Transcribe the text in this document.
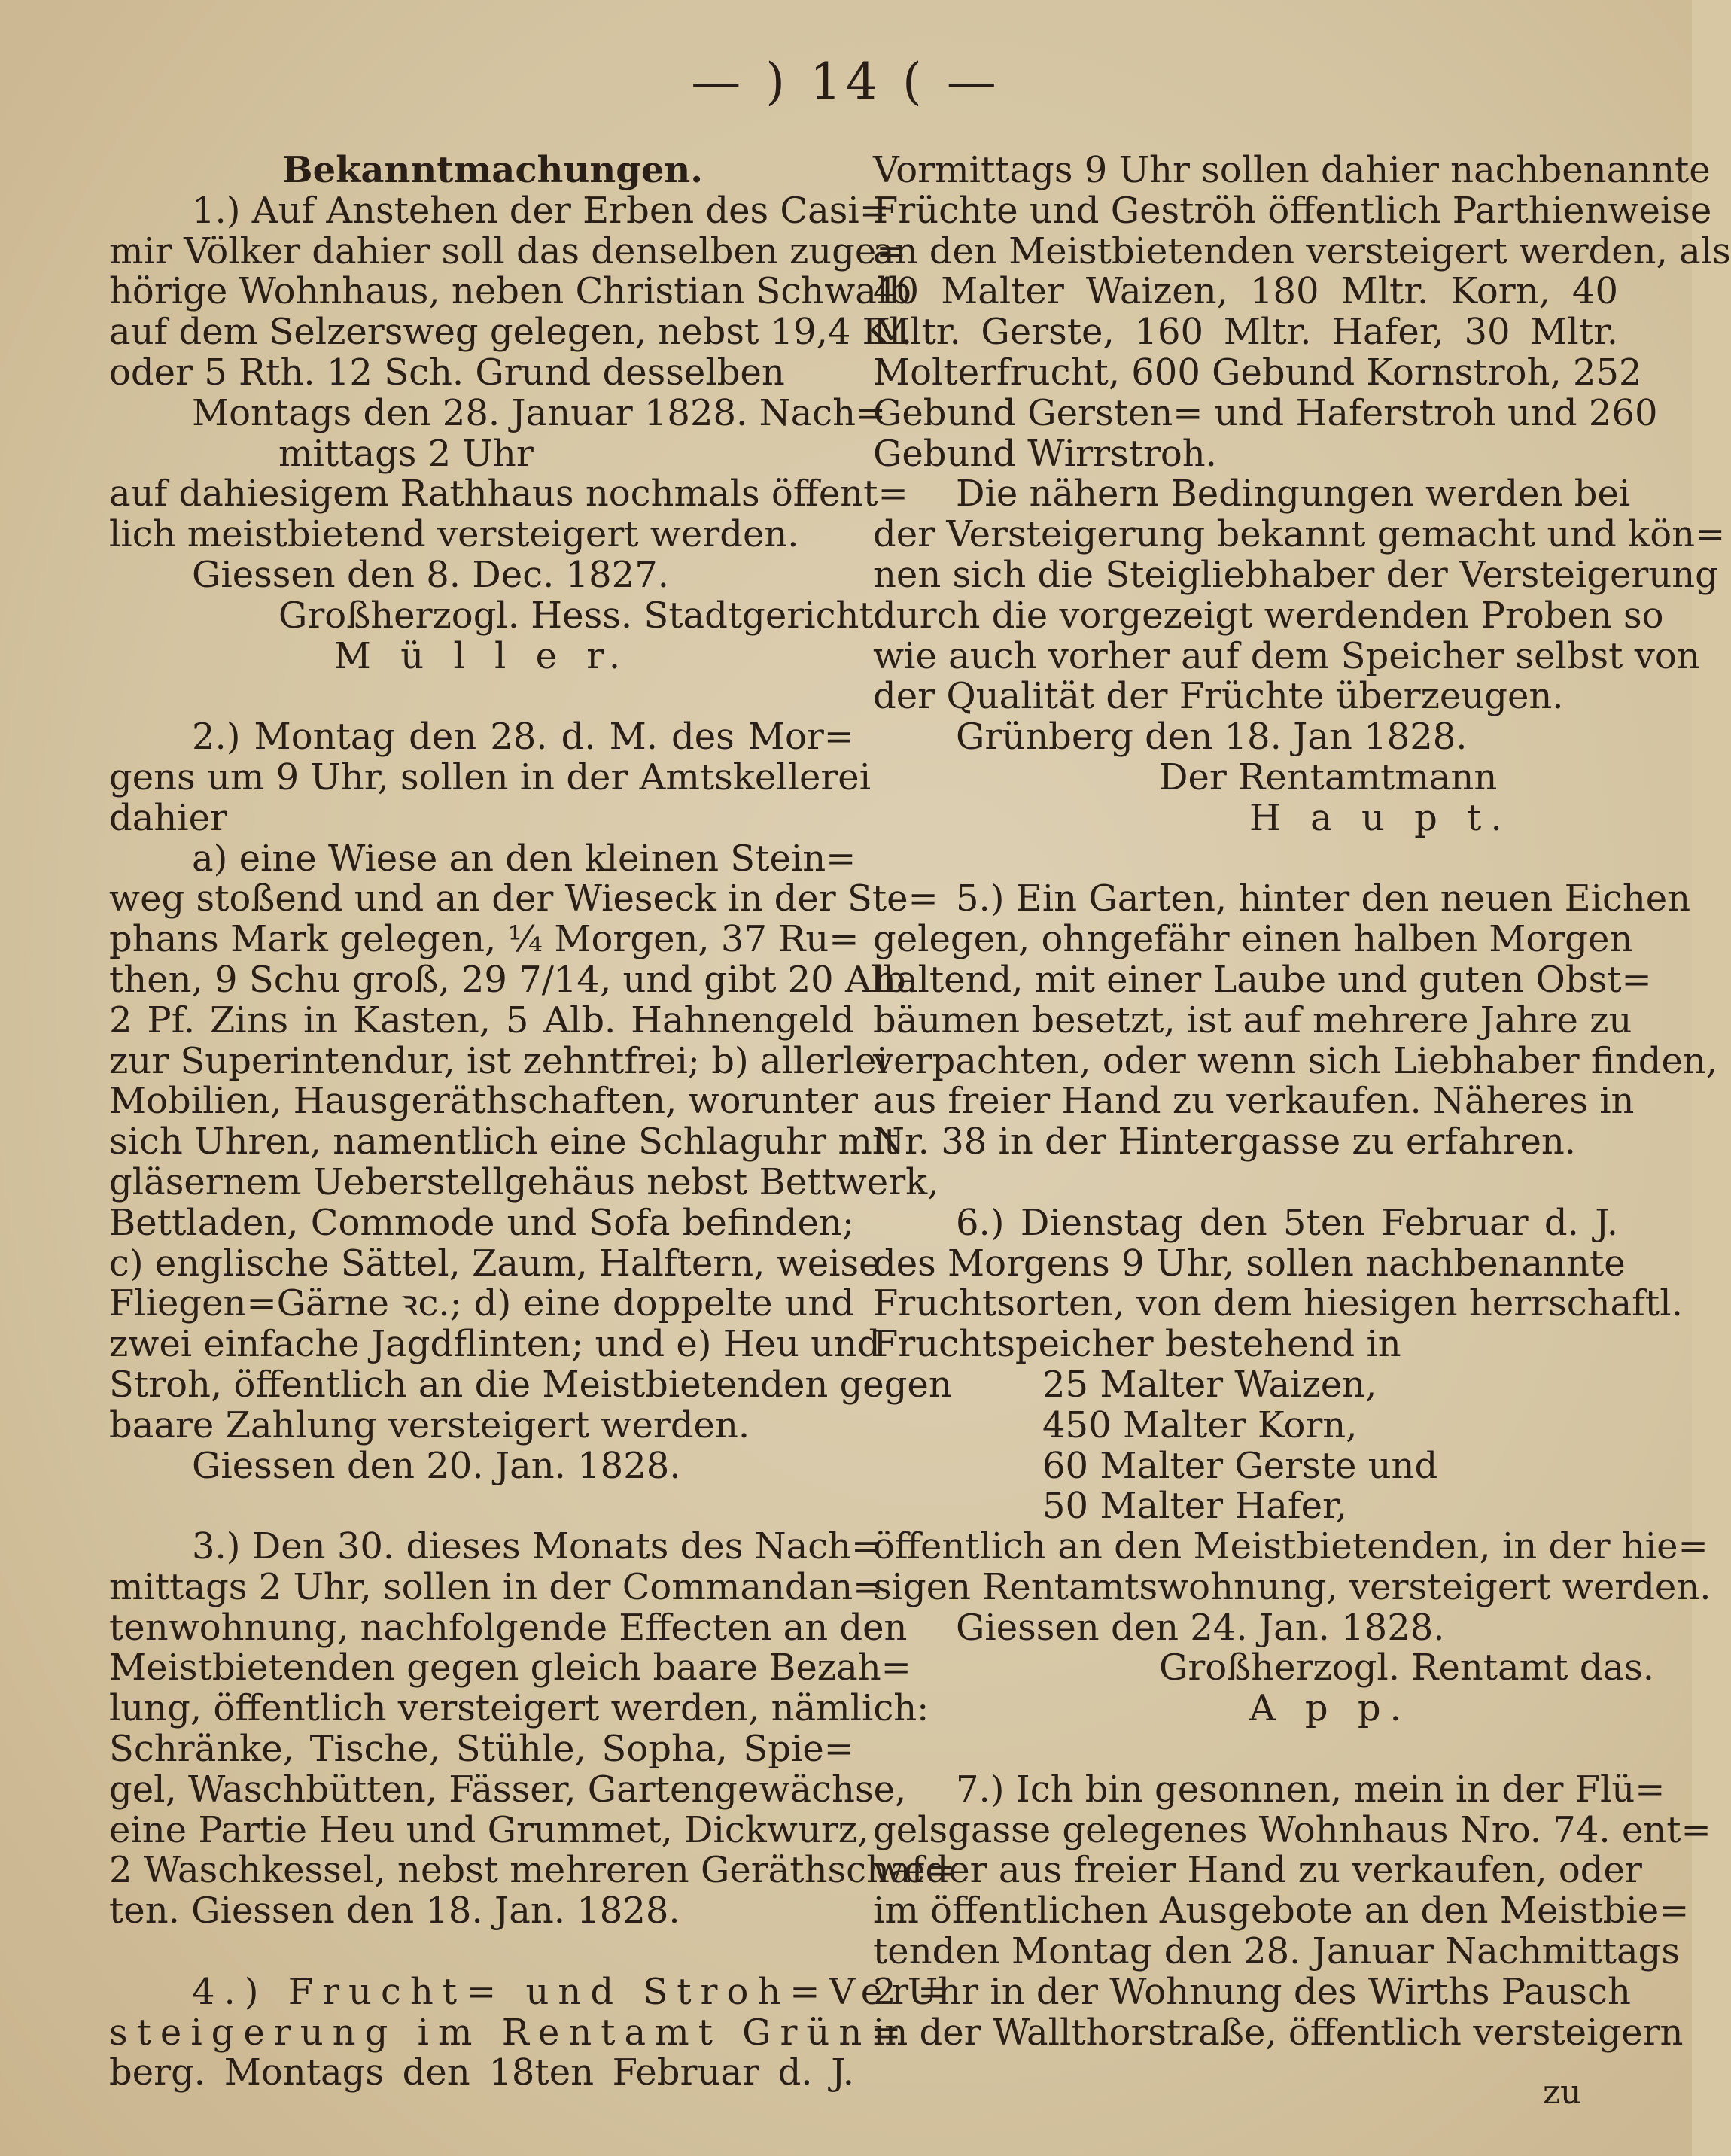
— ) 14 ( —
Bekanntmachungen.
1.) Auf Anstehen der Erben des Casi=
mir Völker dahier soll das denselben zuge=
hörige Wohnhaus, neben Christian Schwalb
auf dem Selzersweg gelegen, nebst 19,4 Kl.
oder 5 Rth. 12 Sch. Grund desselben
Montags den 28. Januar 1828. Nach=
mittags 2 Uhr
auf dahiesigem Rathhaus nochmals öffent=
lich meistbietend versteigert werden.
Giessen den 8. Dec. 1827.
Großherzogl. Hess. Stadtgericht.
M ü l l e r.
2.) Montag den 28. d. M. des Mor=
gens um 9 Uhr, sollen in der Amtskellerei
dahier
a) eine Wiese an den kleinen Stein=
weg stoßend und an der Wieseck in der Ste=
phans Mark gelegen, ¼ Morgen, 37 Ru=
then, 9 Schu groß, 29 7/14, und gibt 20 Alb.
2 Pf. Zins in Kasten, 5 Alb. Hahnengeld
zur Superintendur, ist zehntfrei; b) allerlei
Mobilien, Hausgeräthschaften, worunter
sich Uhren, namentlich eine Schlaguhr mit
gläsernem Ueberstellgehäus nebst Bettwerk,
Bettladen, Commode und Sofa befinden;
c) englische Sättel, Zaum, Halftern, weise
Fliegen=Gärne ꝛc.; d) eine doppelte und
zwei einfache Jagdflinten; und e) Heu und
Stroh, öffentlich an die Meistbietenden gegen
baare Zahlung versteigert werden.
Giessen den 20. Jan. 1828.
3.) Den 30. dieses Monats des Nach=
mittags 2 Uhr, sollen in der Commandan=
tenwohnung, nachfolgende Effecten an den
Meistbietenden gegen gleich baare Bezah=
lung, öffentlich versteigert werden, nämlich:
Schränke, Tische, Stühle, Sopha, Spie=
gel, Waschbütten, Fässer, Gartengewächse,
eine Partie Heu und Grummet, Dickwurz,
2 Waschkessel, nebst mehreren Geräthschaf=
ten. Giessen den 18. Jan. 1828.
4.) Frucht= und Stroh=Ver=
steigerung im Rentamt Grün=
berg. Montags den 18ten Februar d. J.
Vormittags 9 Uhr sollen dahier nachbenannte
Früchte und Geströh öffentlich Parthienweise
an den Meistbietenden versteigert werden, als
40 Malter Waizen, 180 Mltr. Korn, 40
Mltr. Gerste, 160 Mltr. Hafer, 30 Mltr.
Molterfrucht, 600 Gebund Kornstroh, 252
Gebund Gersten= und Haferstroh und 260
Gebund Wirrstroh.
Die nähern Bedingungen werden bei
der Versteigerung bekannt gemacht und kön=
nen sich die Steigliebhaber der Versteigerung
durch die vorgezeigt werdenden Proben so
wie auch vorher auf dem Speicher selbst von
der Qualität der Früchte überzeugen.
Grünberg den 18. Jan 1828.
Der Rentamtmann
H a u p t.
5.) Ein Garten, hinter den neuen Eichen
gelegen, ohngefähr einen halben Morgen
haltend, mit einer Laube und guten Obst=
bäumen besetzt, ist auf mehrere Jahre zu
verpachten, oder wenn sich Liebhaber finden,
aus freier Hand zu verkaufen. Näheres in
Nr. 38 in der Hintergasse zu erfahren.
6.) Dienstag den 5ten Februar d. J.
des Morgens 9 Uhr, sollen nachbenannte
Fruchtsorten, von dem hiesigen herrschaftl.
Fruchtspeicher bestehend in
25 Malter Waizen,
450 Malter Korn,
60 Malter Gerste und
50 Malter Hafer,
öffentlich an den Meistbietenden, in der hie=
sigen Rentamtswohnung, versteigert werden.
Giessen den 24. Jan. 1828.
Großherzogl. Rentamt das.
A p p.
7.) Ich bin gesonnen, mein in der Flü=
gelsgasse gelegenes Wohnhaus Nro. 74. ent=
weder aus freier Hand zu verkaufen, oder
im öffentlichen Ausgebote an den Meistbie=
tenden Montag den 28. Januar Nachmittags
2 Uhr in der Wohnung des Wirths Pausch
in der Wallthorstraße, öffentlich versteigern
zu
